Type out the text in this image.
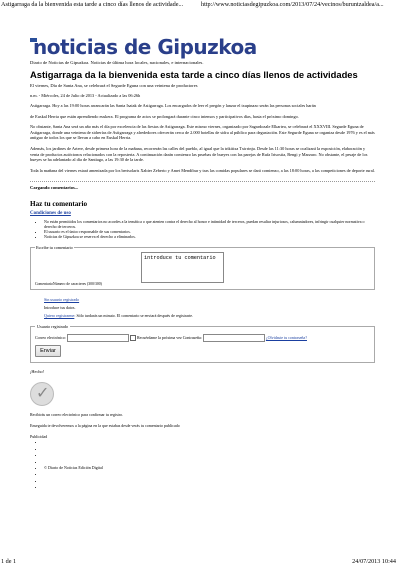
Astigarraga da la bienvenida esta tarde a cinco días llenos de actividade...	http://www.noticiasdegipuzkoa.com/2013/07/24/vecinos/buruntzaldea/a...
noticias de Gipuzkoa
Diario de Noticias de Gipuzkoa. Noticias de última hora locales, nacionales, e internacionales.
Astigarraga da la bienvenida esta tarde a cinco días llenos de actividades
El viernes, Día de Santa Ana, se celebrará el Segurde Eguna con una veintena de productores
n.m. - Miércoles, 24 de Julio de 2013 - Actualizado a las 06:26h
Astigarraga. Hoy a las 19:00 horas arrancarán las Santa Isaiak de Astigarraga. Los encargados de leer el pregón y lanzar el txupinazo serán las personas sociales harán
de Euskal Herria que están aprendiendo euskera. El programa de actos se prolongará durante cinco intensos y participativos días, hasta el próximo domingo.
No obstante, Santa Ana será un año más el día por excelencia de las fiestas de Astigarraga. Este mismo viernes, organizado por Sagardozale Elkartea, se celebrará el XXXVIII. Segurde Eguna de Astigarraga, donde una veintena de sidrerías de Astigarraga y alrededores ofrecerán cerca de 2.000 botellas de sidra al público para degustación. Este Segurde Eguna se organiza desde 1976 y es el más antiguo de todos los que se llevan a cabo en Euskal Herria.
Además, los jardines de Artere, desde primera hora de la mañana, recorrerán las calles del pueblo, al igual que la trikitixa Txirrinju. Desde las 11:30 horas se ocalizará la exposición, elaboración y venta de productos autóctonos relacionados con la reposteria. A continuación darán comienzo las pruebas de bueyes con las parejas de Rufa Irisostia, Bengi y Marzaro. No obstante, el pesaje de los bueyes se ha adelantado al día de Santiago, a las 19:30 de la tarde.
Toda la mañana del viernes estará amenizada por los bertsolaris Xabier Zeberio y Amet Mendibur y tras las comidas populares se dará comienzo, a las 18:00 horas, a las competiciones de deporte rural.
Cargando comentarios...
Haz tu comentario
Condiciones de uso
• No están permitidos los comentarios no acordes a la temática o que atenten contra el derecho al honor e intimidad de terceros, puedan resultar injuriosos, calumniadores, infringir cualquier normativa o derecho de terceros.
• El usuario es el único responsable de sus comentarios.
• Noticias de Gipuzkoa se reserva el derecho a eliminarlos.
Escribe tu comentario
introduce tu comentario
ComentarioNúmero de caracteres (300/300)
Sin usuario registrado
Introduce tus datos.
Quiero registrarme: Sólo tardarás un minuto. El comentario se enviará después de registrarte.
Usuario registrado
Correo electrónico:	Recuérdame la próxima vez Contraseña:	¿Olvidaste tu contraseña?
Enviar
¡Hecho!
✓
Recibirás un correo electrónico para confirmar tu registro.
Enseguida te devolveremos a la página en la que estabas desde verás tu comentario publicado
Publicidad
•
•
•
•
• © Diario de Noticias Edición Digital
•
•
•
1 de 1	24/07/2013 10:44
